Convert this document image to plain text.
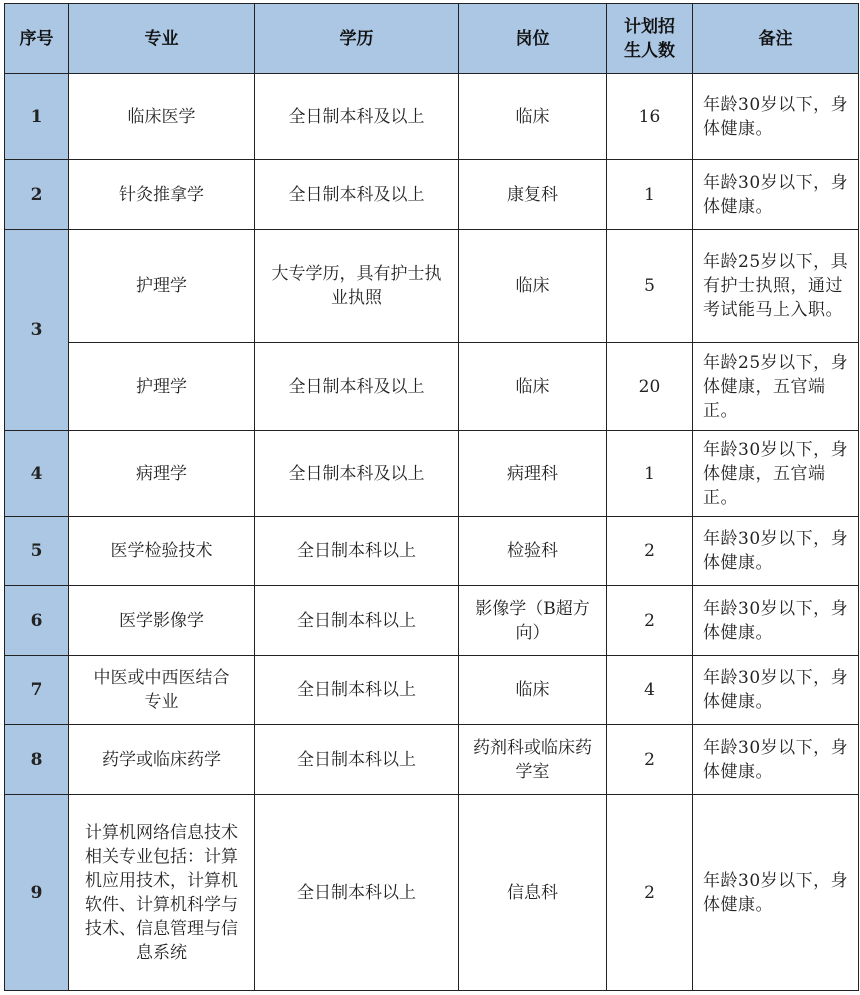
序号	专业	学历	岗位	计划招生人数	备注
1	临床医学	全日制本科及以上	临床	16	年龄30岁以下，身体健康。
2	针灸推拿学	全日制本科及以上	康复科	1	年龄30岁以下，身体健康。
3	护理学	大专学历，具有护士执业执照	临床	5	年龄25岁以下，具有护士执照，通过考试能马上入职。
	护理学	全日制本科及以上	临床	20	年龄25岁以下，身体健康，五官端正。
4	病理学	全日制本科及以上	病理科	1	年龄30岁以下，身体健康，五官端正。
5	医学检验技术	全日制本科以上	检验科	2	年龄30岁以下，身体健康。
6	医学影像学	全日制本科以上	影像学（B超方向）	2	年龄30岁以下，身体健康。
7	中医或中西医结合专业	全日制本科以上	临床	4	年龄30岁以下，身体健康。
8	药学或临床药学	全日制本科以上	药剂科或临床药学室	2	年龄30岁以下，身体健康。
9	计算机网络信息技术相关专业包括：计算机应用技术，计算机软件、计算机科学与技术、信息管理与信息系统	全日制本科以上	信息科	2	年龄30岁以下，身体健康。
